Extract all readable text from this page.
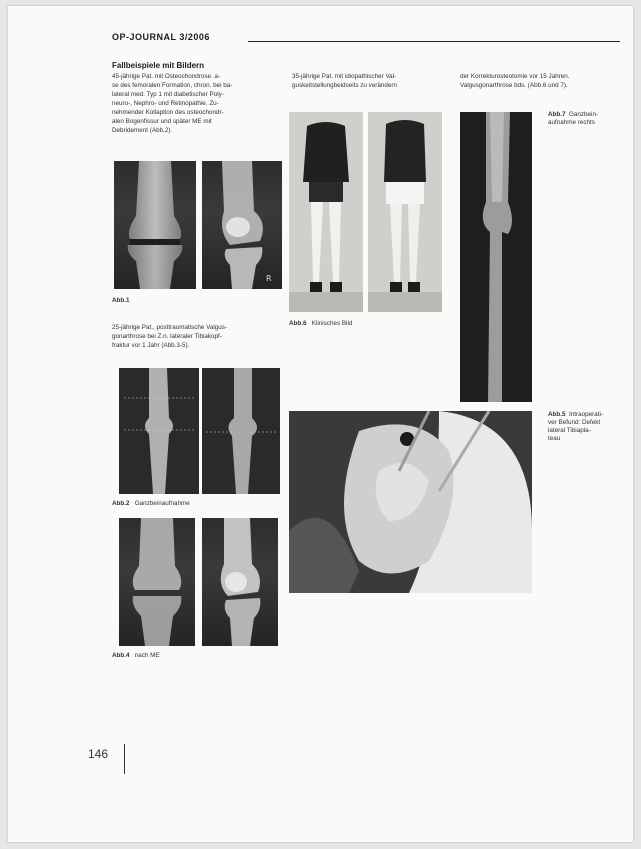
OP-JOURNAL 3/2006
Fallbeispiele mit Bildern
45-jährige Pat. mit Osteochondrose. a-
se des femoralen Formation, chron. bei ba-
lateral med. Typ 1 mit diabetischer Poly-
neuro-, Nephro- und Retinopathie. Zu-
nehmender Kollaption des osteochondr-
alen Bogenfissur und später ME mit
Debridement (Abb.2).
R
Abb.1
25-jährige Pat., posttraumatische Valgus-
gonarthrose bei Z.n. lateraler Tibiakopf-
fraktur vor 1 Jahr (Abb.3-5).
Abb.2 Ganzbeinaufnahme
Abb.4 nach ME
35-jährige Pat. mit idiopathischer Val-
guskeitstellungbeidseits zu verändern
Abb.6 Klinisches Bild
der Korrekturosteotomie vor 15 Jahren.
Valgusgonarthrose bds. (Abb.6 und 7).
Abb.7 Ganzbein-
aufnahme rechts
Abb.5 Intraoperati-
ver Befund: Defekt
lateral Tibiapla-
teau
146
